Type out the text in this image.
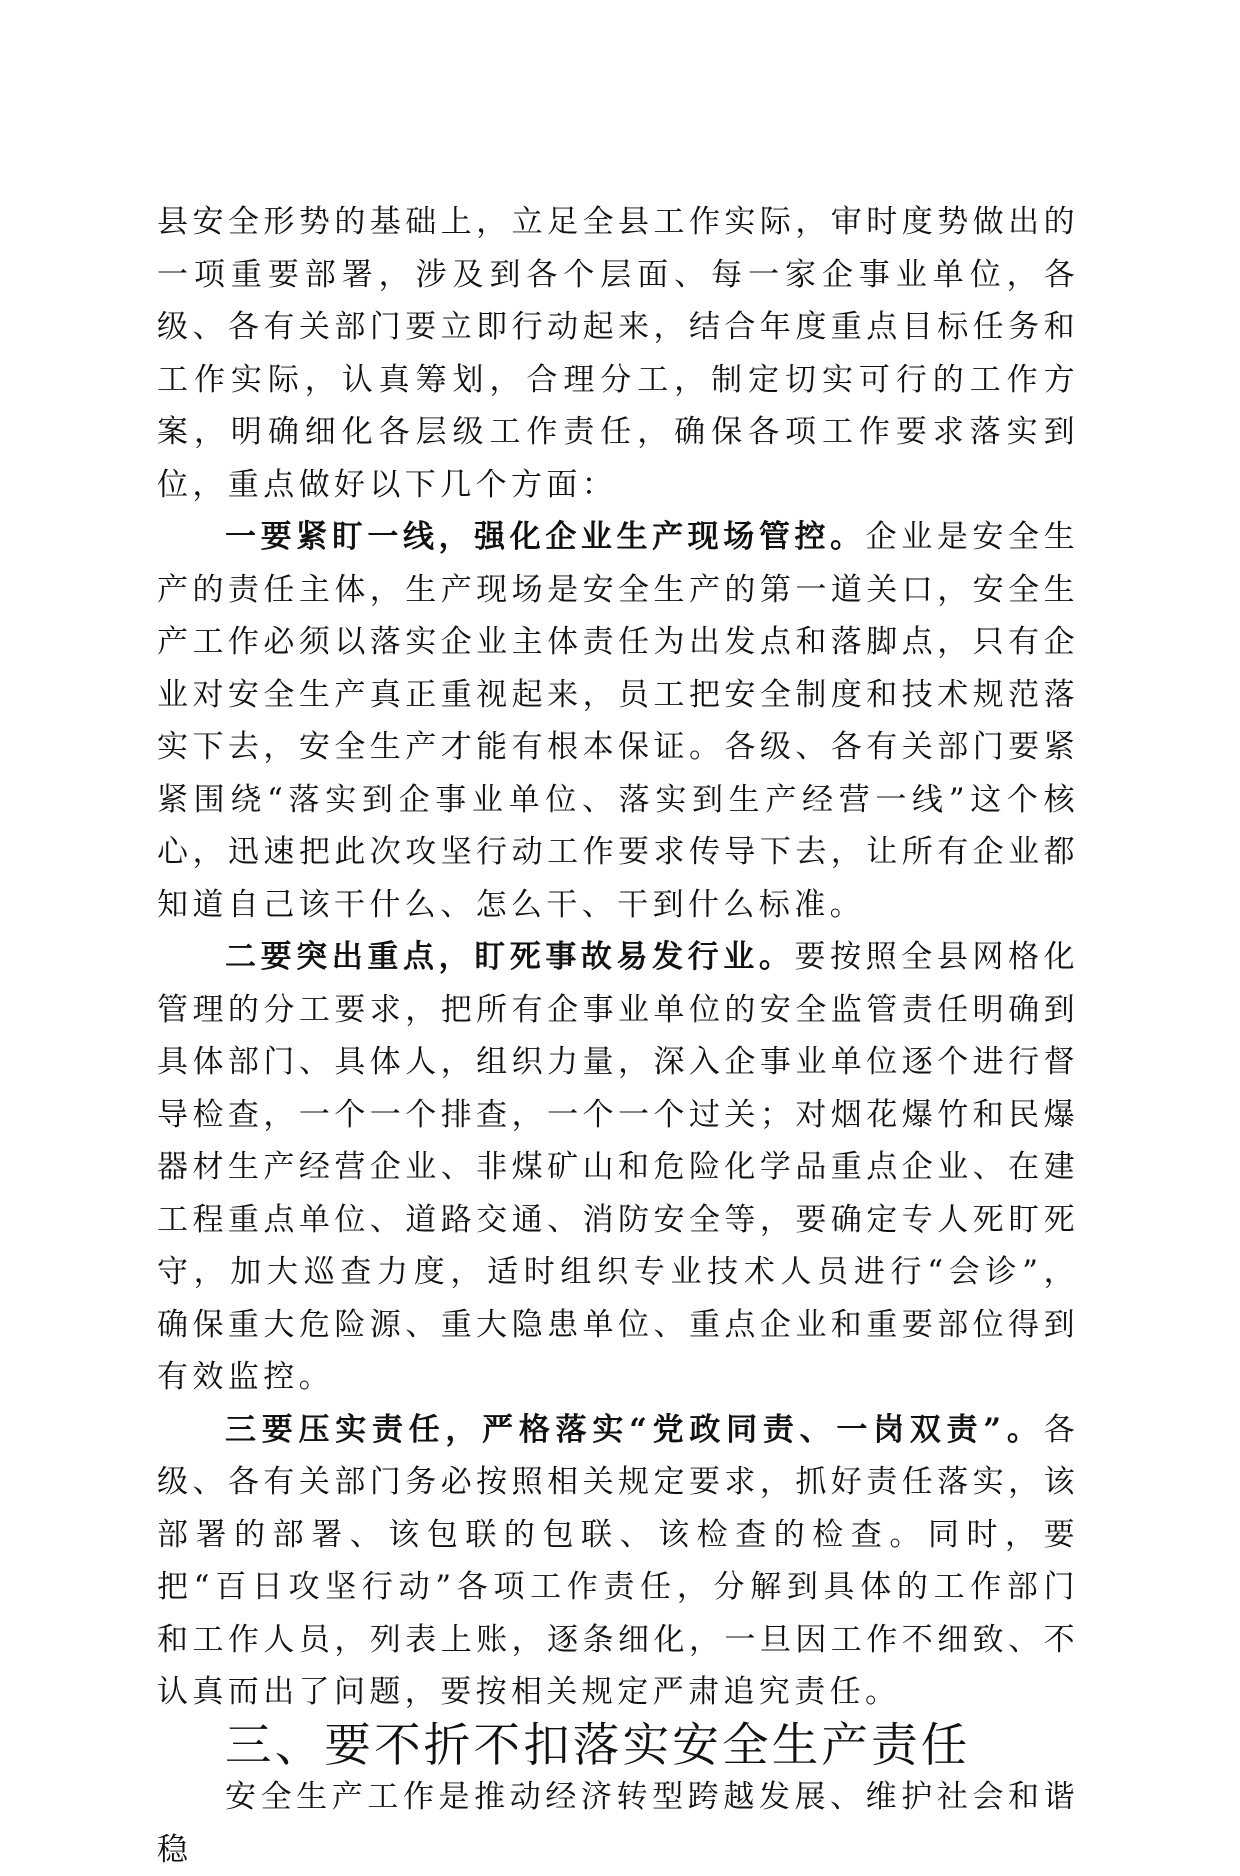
县安全形势的基础上，立足全县工作实际，审时度势做出的一项重要部署，涉及到各个层面、每一家企事业单位，各级、各有关部门要立即行动起来，结合年度重点目标任务和工作实际，认真筹划，合理分工，制定切实可行的工作方案，明确细化各层级工作责任，确保各项工作要求落实到位，重点做好以下几个方面：

一要紧盯一线，强化企业生产现场管控。企业是安全生产的责任主体，生产现场是安全生产的第一道关口，安全生产工作必须以落实企业主体责任为出发点和落脚点，只有企业对安全生产真正重视起来，员工把安全制度和技术规范落实下去，安全生产才能有根本保证。各级、各有关部门要紧紧围绕“落实到企事业单位、落实到生产经营一线”这个核心，迅速把此次攻坚行动工作要求传导下去，让所有企业都知道自己该干什么、怎么干、干到什么标准。

二要突出重点，盯死事故易发行业。要按照全县网格化管理的分工要求，把所有企事业单位的安全监管责任明确到具体部门、具体人，组织力量，深入企事业单位逐个进行督导检查，一个一个排查，一个一个过关；对烟花爆竹和民爆器材生产经营企业、非煤矿山和危险化学品重点企业、在建工程重点单位、道路交通、消防安全等，要确定专人死盯死守，加大巡查力度，适时组织专业技术人员进行“会诊”，确保重大危险源、重大隐患单位、重点企业和重要部位得到有效监控。

三要压实责任，严格落实“党政同责、一岗双责”。各级、各有关部门务必按照相关规定要求，抓好责任落实，该部署的部署、该包联的包联、该检查的检查。同时，要把“百日攻坚行动”各项工作责任，分解到具体的工作部门和工作人员，列表上账，逐条细化，一旦因工作不细致、不认真而出了问题，要按相关规定严肃追究责任。

三、要不折不扣落实安全生产责任

安全生产工作是推动经济转型跨越发展、维护社会和谐稳
